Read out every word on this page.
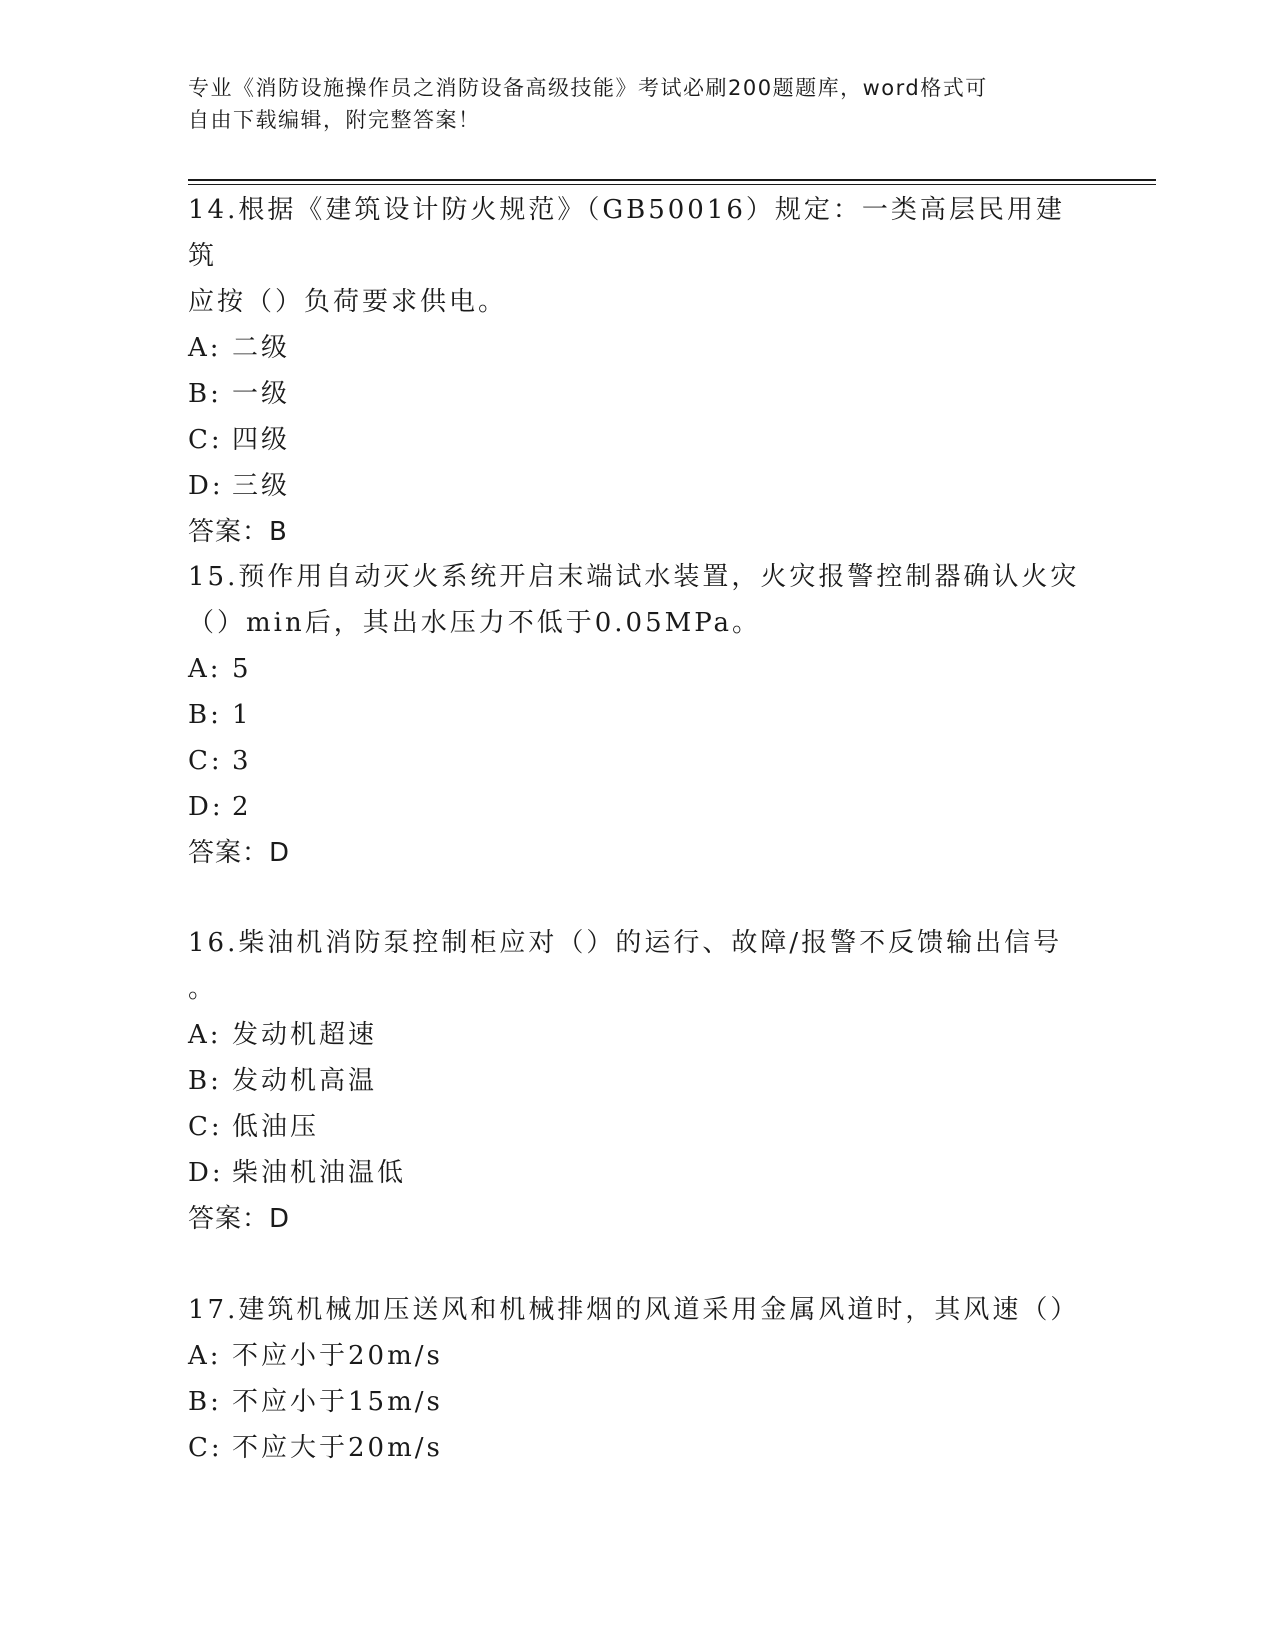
专业《消防设施操作员之消防设备高级技能》考试必刷200题题库，word格式可
自由下载编辑，附完整答案！
14.根据《建筑设计防火规范》（GB50016）规定：一类高层民用建筑
应按（）负荷要求供电。
A: 二级
B: 一级
C: 四级
D: 三级
答案：B
15.预作用自动灭火系统开启末端试水装置，火灾报警控制器确认火灾
（）min后，其出水压力不低于0.05MPa。
A: 5
B: 1
C: 3
D: 2
答案：D
16.柴油机消防泵控制柜应对（）的运行、故障/报警不反馈输出信号
。
A: 发动机超速
B: 发动机高温
C: 低油压
D: 柴油机油温低
答案：D
17.建筑机械加压送风和机械排烟的风道采用金属风道时，其风速（）
A: 不应小于20m/s
B: 不应小于15m/s
C: 不应大于20m/s
